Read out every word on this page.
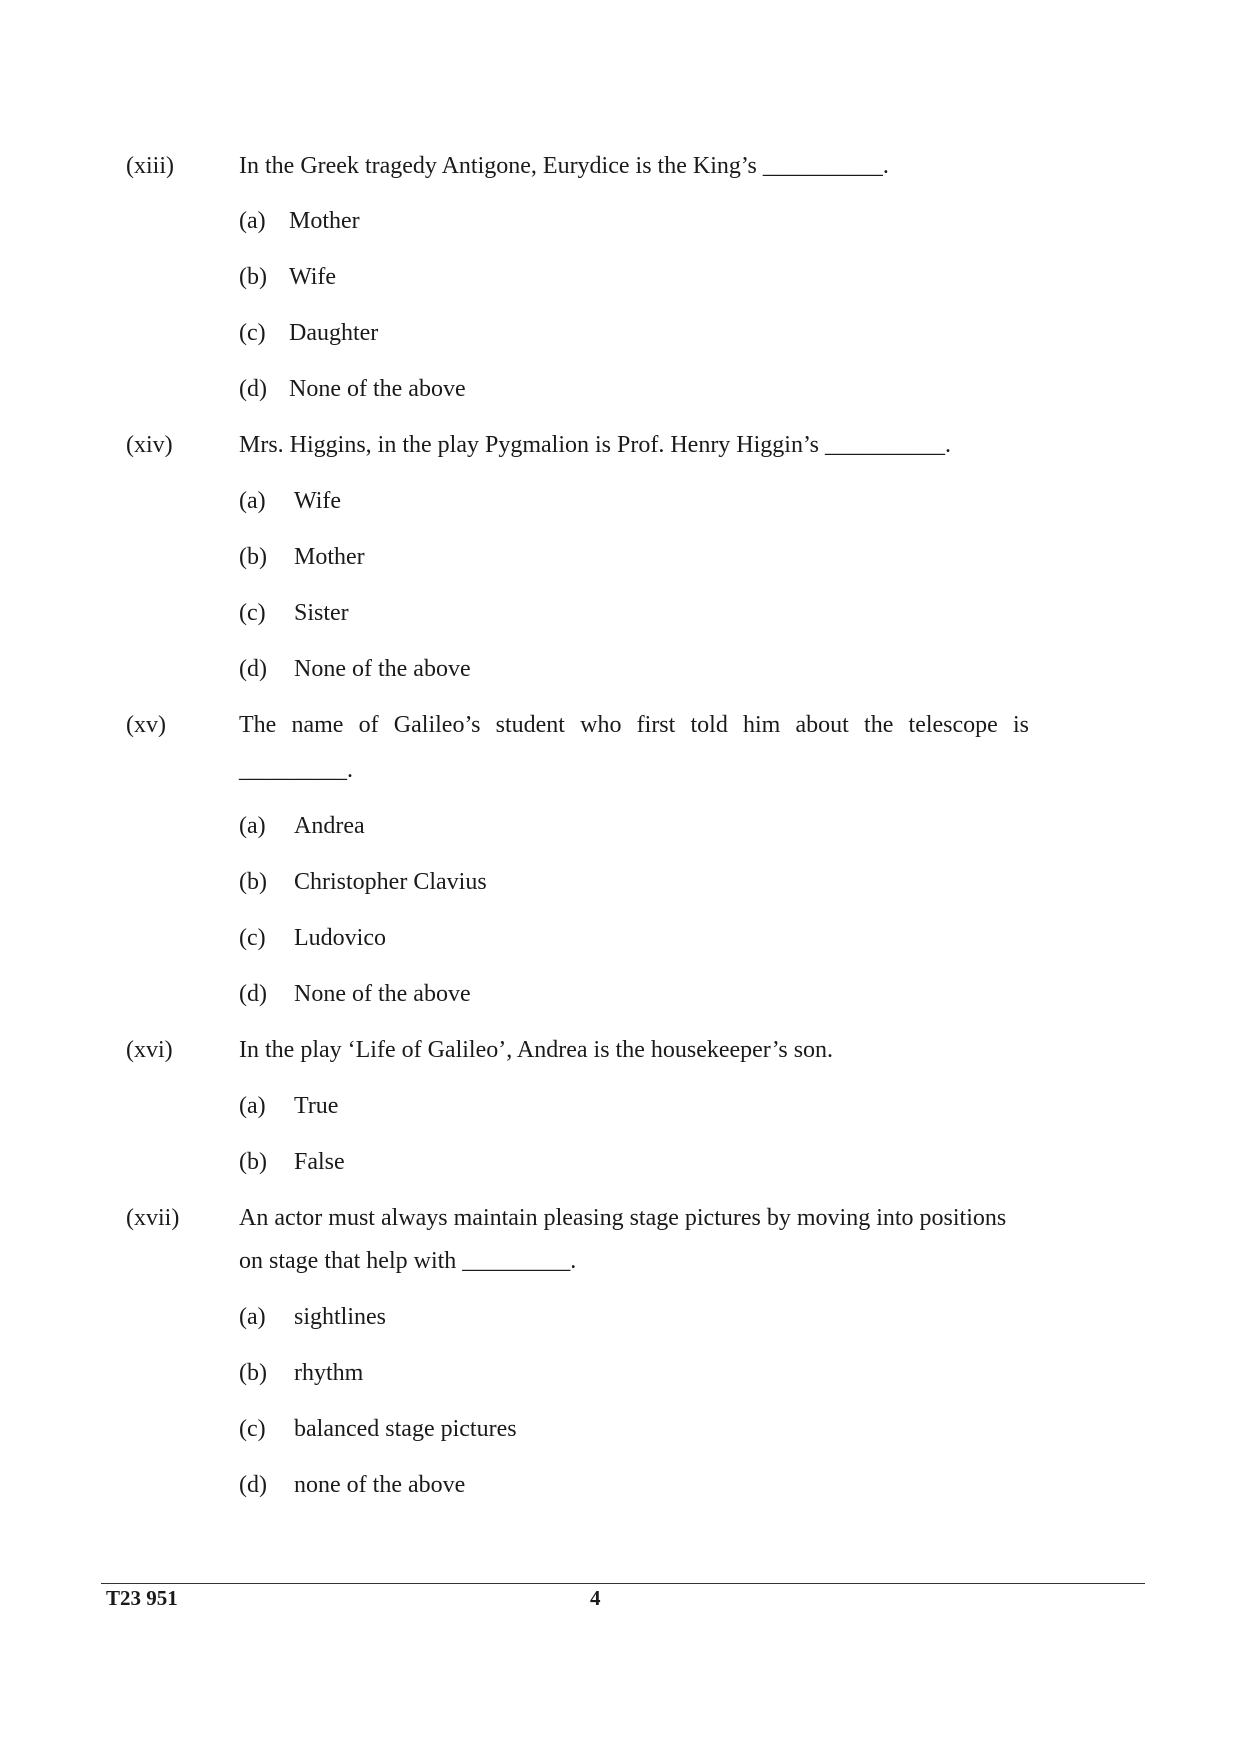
(xiii)	In the Greek tragedy Antigone, Eurydice is the King’s __________.
(a) Mother
(b) Wife
(c) Daughter
(d) None of the above
(xiv)	Mrs. Higgins, in the play Pygmalion is Prof. Henry Higgin’s __________.
(a) Wife
(b) Mother
(c) Sister
(d) None of the above
(xv)	The name of Galileo’s student who first told him about the telescope is
_________.
(a) Andrea
(b) Christopher Clavius
(c) Ludovico
(d) None of the above
(xvi)	In the play ‘Life of Galileo’, Andrea is the housekeeper’s son.
(a) True
(b) False
(xvii) An actor must always maintain pleasing stage pictures by moving into positions
on stage that help with _________.
(a) sightlines
(b) rhythm
(c) balanced stage pictures
(d) none of the above
T23 951	4
